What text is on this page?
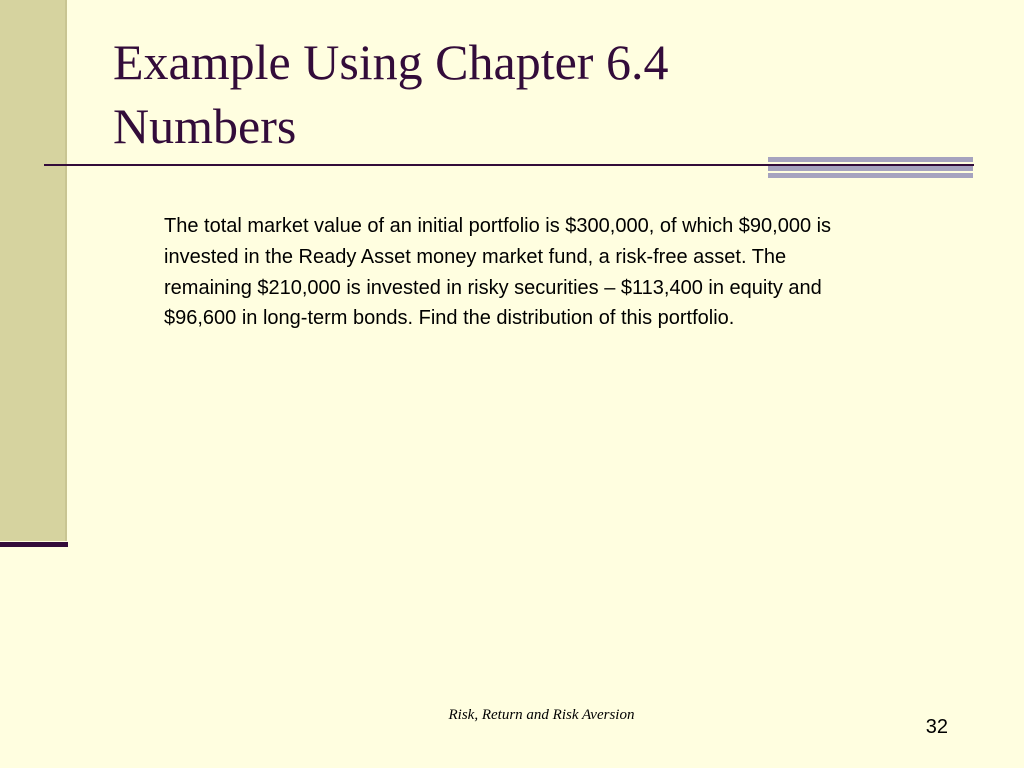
Example Using Chapter 6.4
Numbers

The total market value of an initial portfolio is $300,000, of which $90,000 is invested in the Ready Asset money market fund, a risk-free asset. The remaining $210,000 is invested in risky securities – $113,400 in equity and $96,600 in long-term bonds. Find the distribution of this portfolio.

Risk, Return and Risk Aversion
32
